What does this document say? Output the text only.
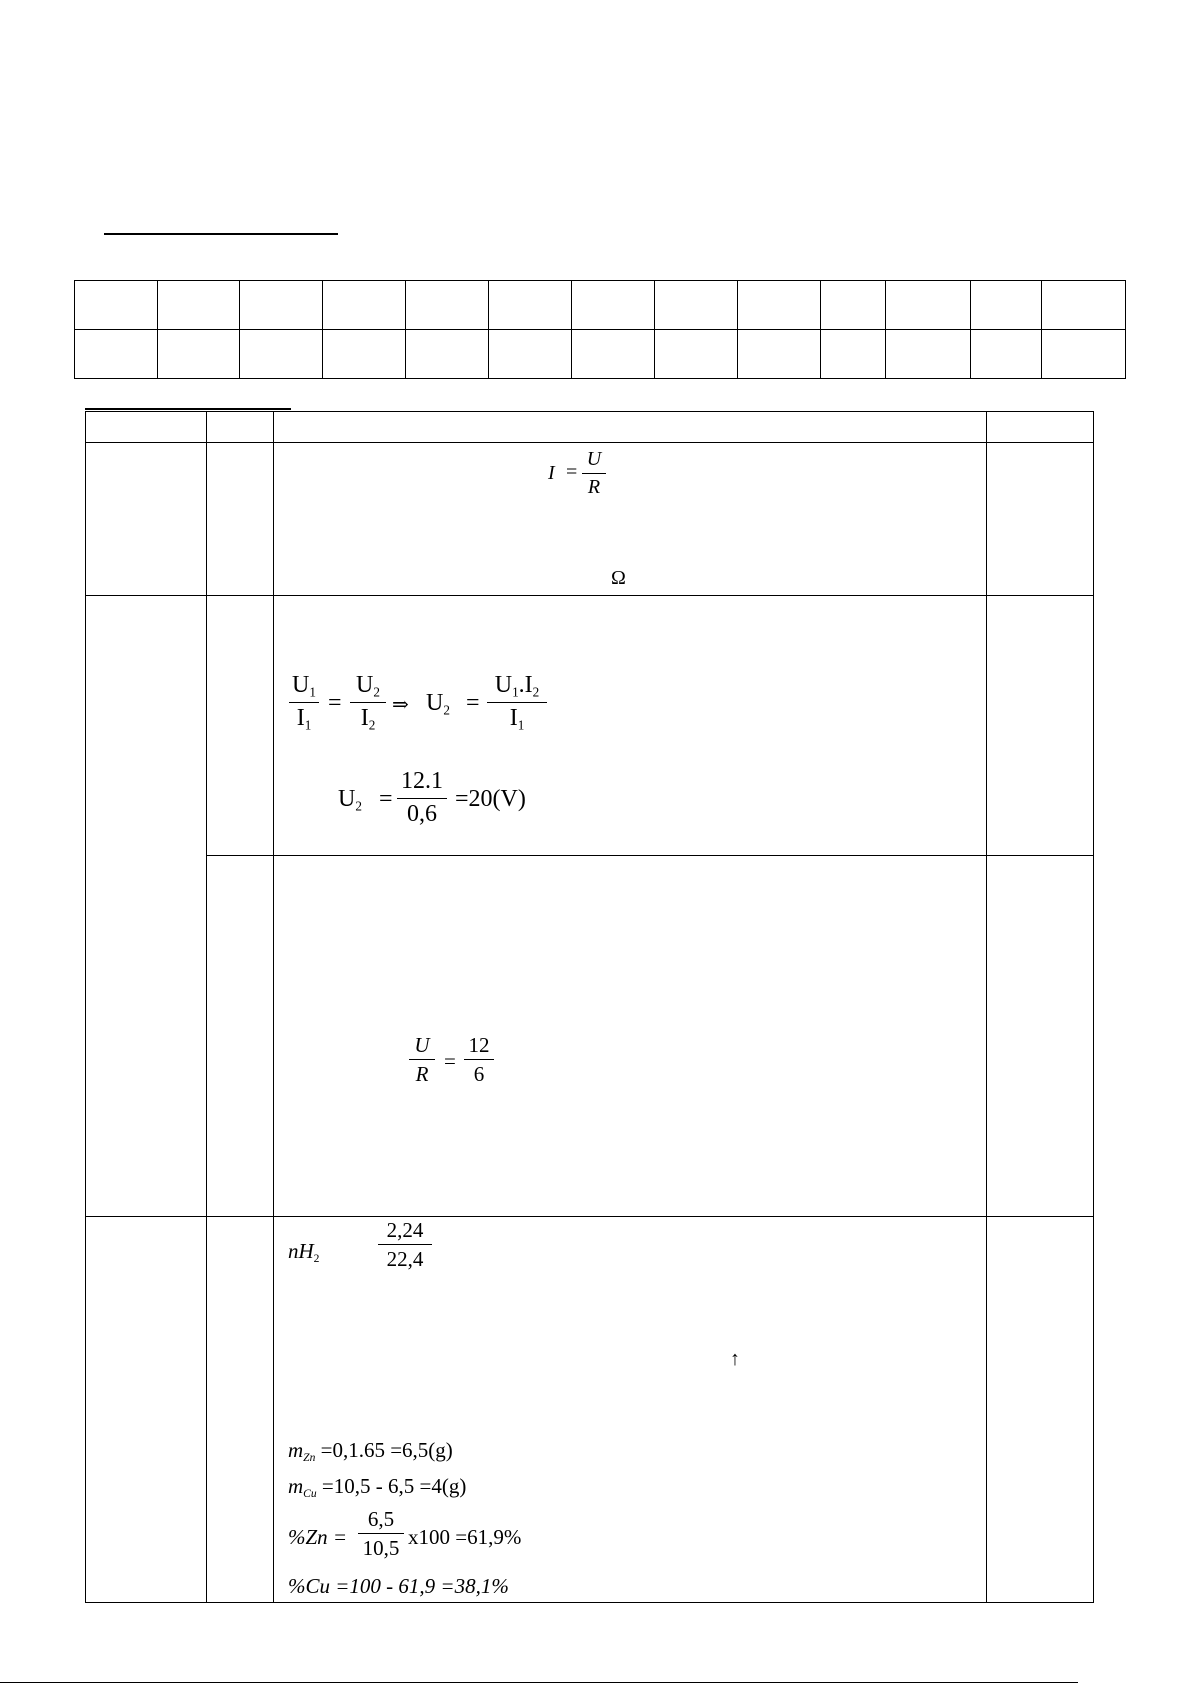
I =
U
R
Ω
$U_1$
$I_1$
=
$U_2$
$I_2$
⇒ $U_2$ =
$U_1.I_2$
$I_1$
$U_2$ =
12.1
0,6
=20(V)
U
R
=
12
6
$nH_2$
2,24
22,4
↑
$m_{Zn} =0,1.65 =6,5(g)$
$m_{Cu} =10,5 - 6,5 =4(g)$
%Zn =
6,5
10,5 x100 =61,9%
%Cu =100 - 61,9 =38,1%
